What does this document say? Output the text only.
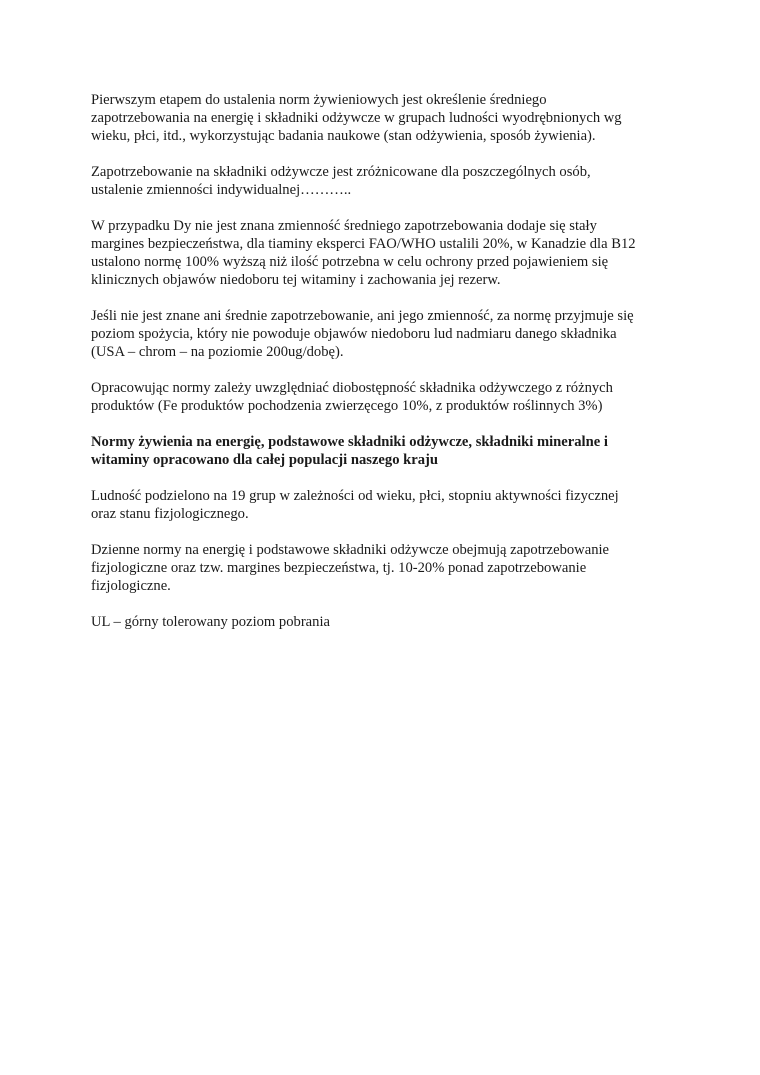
Pierwszym etapem do ustalenia norm żywieniowych jest określenie średniego
zapotrzebowania na energię i składniki odżywcze w grupach ludności wyodrębnionych wg
wieku, płci, itd., wykorzystując badania naukowe (stan odżywienia, sposób żywienia).

Zapotrzebowanie na składniki odżywcze jest zróżnicowane dla poszczególnych osób,
ustalenie zmienności indywidualnej………..

W przypadku Dy nie jest znana zmienność średniego zapotrzebowania dodaje się stały
margines bezpieczeństwa, dla tiaminy eksperci FAO/WHO ustalili 20%, w Kanadzie dla B12
ustalono normę 100% wyższą niż ilość potrzebna w celu ochrony przed pojawieniem się
klinicznych objawów niedoboru tej witaminy i zachowania jej rezerw.

Jeśli nie jest znane ani średnie zapotrzebowanie, ani jego zmienność, za normę przyjmuje się
poziom spożycia, który nie powoduje objawów niedoboru lud nadmiaru danego składnika
(USA – chrom – na poziomie 200ug/dobę).

Opracowując normy zależy uwzględniać diobostępność składnika odżywczego z różnych
produktów (Fe produktów pochodzenia zwierzęcego 10%, z produktów roślinnych 3%)

Normy żywienia na energię, podstawowe składniki odżywcze, składniki mineralne i
witaminy opracowano dla całej populacji naszego kraju

Ludność podzielono na 19 grup w zależności od wieku, płci, stopniu aktywności fizycznej
oraz stanu fizjologicznego.

Dzienne normy na energię i podstawowe składniki odżywcze obejmują zapotrzebowanie
fizjologiczne oraz tzw. margines bezpieczeństwa, tj. 10-20% ponad zapotrzebowanie
fizjologiczne.

UL – górny tolerowany poziom pobrania
